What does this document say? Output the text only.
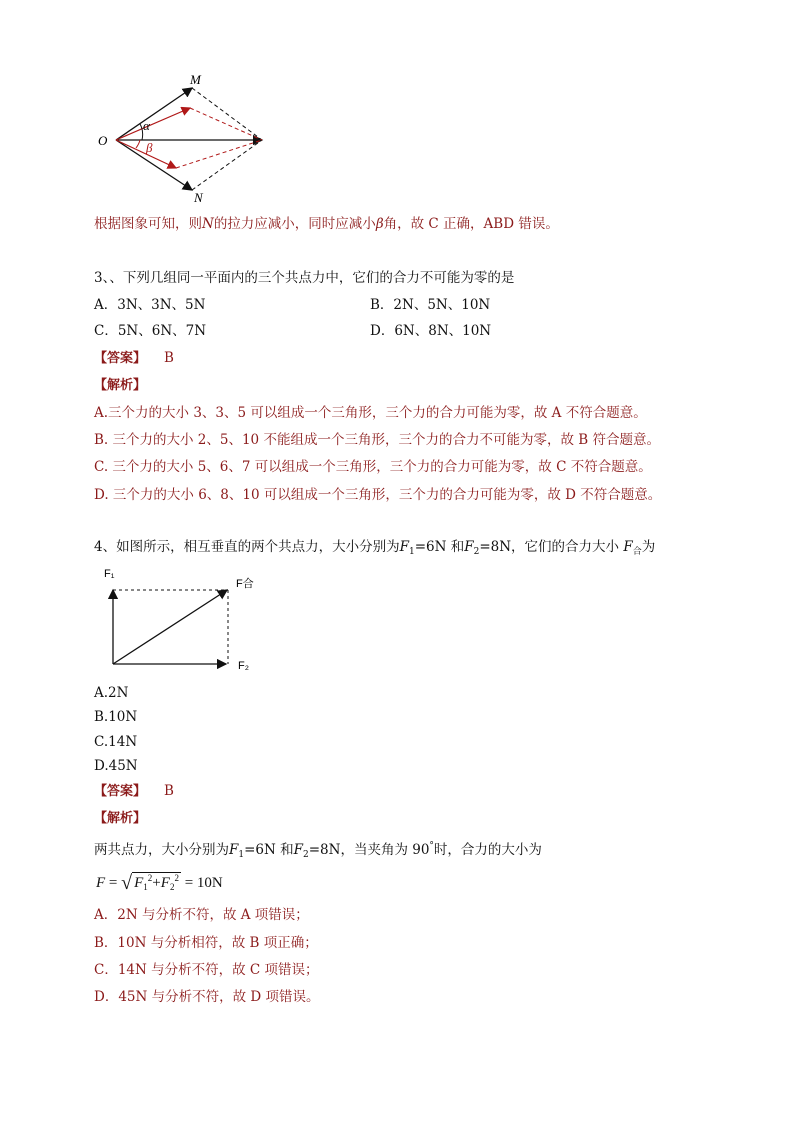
O
M
N
α
β
根据图象可知，则N的拉力应减小，同时应减小β角，故 C 正确，ABD 错误。
3、、下列几组同一平面内的三个共点力中，它们的合力不可能为零的是
A．3N、3N、5N	B．2N、5N、10N
C．5N、6N、7N	D．6N、8N、10N
【答案】 B
【解析】
A.三个力的大小 3、3、5 可以组成一个三角形，三个力的合力可能为零，故 A 不符合题意。
B. 三个力的大小 2、5、10 不能组成一个三角形，三个力的合力不可能为零，故 B 符合题意。
C. 三个力的大小 5、6、7 可以组成一个三角形，三个力的合力可能为零，故 C 不符合题意。
D. 三个力的大小 6、8、10 可以组成一个三角形，三个力的合力可能为零，故 D 不符合题意。
4、如图所示，相互垂直的两个共点力，大小分别为$F_1=6N$ 和$F_2=8N$，它们的合力大小 $F_合$为
F₁
F₂
F合
A.2N
B.10N
C.14N
D.45N
【答案】 B
【解析】
两共点力，大小分别为$F_1=6N$ 和$F_2=8N$，当夹角为 90°时，合力的大小为
F = √ $F_1^2+F_2^2 = 10N$
A．2N 与分析不符，故 A 项错误；
B．10N 与分析相符，故 B 项正确；
C．14N 与分析不符，故 C 项错误；
D．45N 与分析不符，故 D 项错误。
